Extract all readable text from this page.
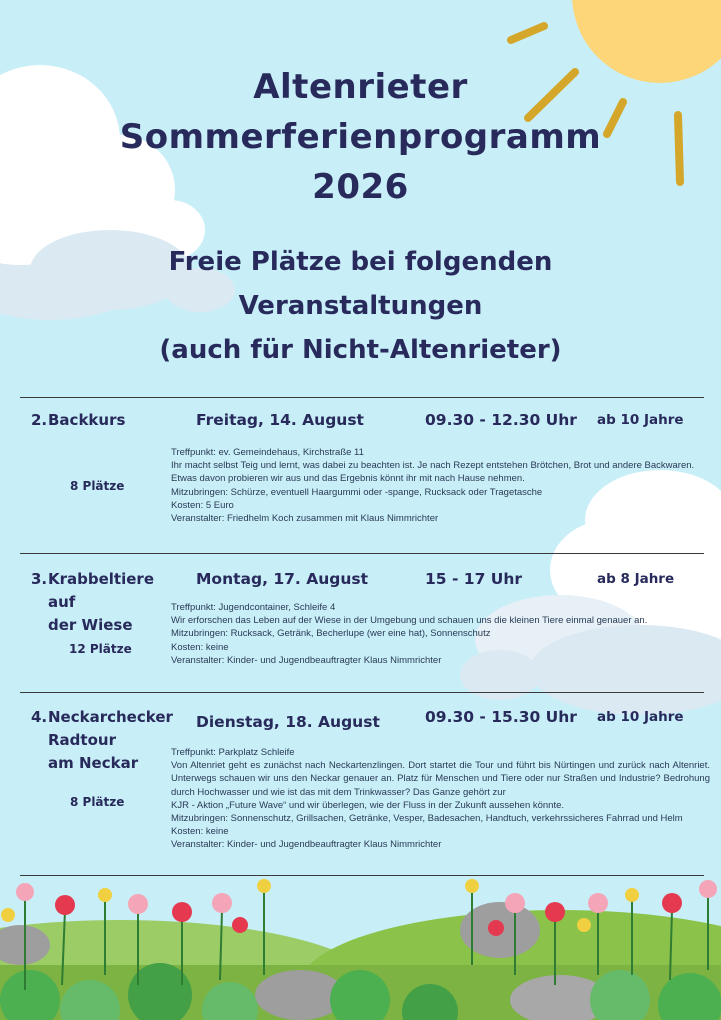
Altenrieter
Sommerferienprogramm
2026
Freie Plätze bei folgenden
Veranstaltungen
(auch für Nicht-Altenrieter)
2. Backkurs	Freitag, 14. August	09.30 - 12.30 Uhr ab 10 Jahre
8 Plätze
Treffpunkt: ev. Gemeindehaus, Kirchstraße 11
Ihr macht selbst Teig und lernt, was dabei zu beachten ist. Je nach Rezept entstehen Brötchen, Brot und andere Backwaren.
Etwas davon probieren wir aus und das Ergebnis könnt ihr mit nach Hause nehmen.
Mitzubringen: Schürze, eventuell Haargummi oder -spange, Rucksack oder Tragetasche
Kosten: 5 Euro
Veranstalter: Friedhelm Koch zusammen mit Klaus Nimmrichter
3. Krabbeltiere
auf
der Wiese
Montag, 17. August	15 - 17 Uhr	ab 8 Jahre
12 Plätze
Treffpunkt: Jugendcontainer, Schleife 4
Wir erforschen das Leben auf der Wiese in der Umgebung und schauen uns die kleinen Tiere einmal genauer an.
Mitzubringen: Rucksack, Getränk, Becherlupe (wer eine hat), Sonnenschutz
Kosten: keine
Veranstalter: Kinder- und Jugendbeauftragter Klaus Nimmrichter
4. Neckarchecker
Radtour
am Neckar
Dienstag, 18. August	09.30 - 15.30 Uhr ab 10 Jahre
8 Plätze
Treffpunkt: Parkplatz Schleife
Von Altenriet geht es zunächst nach Neckartenzlingen. Dort startet die Tour und führt bis Nürtingen und zurück nach Altenriet. Unterwegs schauen wir uns den Neckar genauer an. Platz für Menschen und Tiere oder nur Straßen und Industrie? Bedrohung durch Hochwasser und wie ist das mit dem Trinkwasser? Das Ganze gehört zur
KJR - Aktion „Future Wave“ und wir überlegen, wie der Fluss in der Zukunft aussehen könnte.
Mitzubringen: Sonnenschutz, Grillsachen, Getränke, Vesper, Badesachen, Handtuch, verkehrssicheres Fahrrad und Helm
Kosten: keine
Veranstalter: Kinder- und Jugendbeauftragter Klaus Nimmrichter
